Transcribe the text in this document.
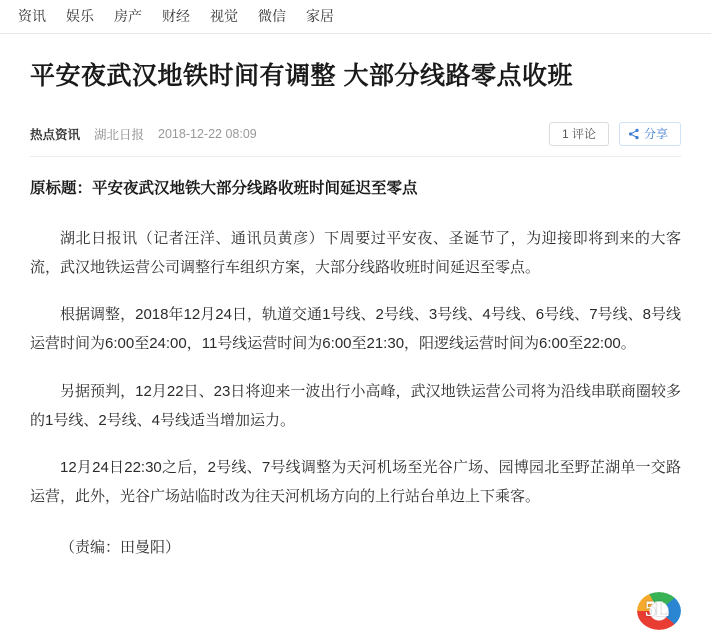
资讯	娱乐	房产	财经	视觉	微信	家居
平安夜武汉地铁时间有调整 大部分线路零点收班
热点资讯 湖北日报 2018-12-22 08:09	1 评论	分享

原标题：平安夜武汉地铁大部分线路收班时间延迟至零点

湖北日报讯（记者汪洋、通讯员黄彦）下周要过平安夜、圣诞节了，为迎接即将到来的大客流，武汉地铁运营公司调整行车组织方案，大部分线路收班时间延迟至零点。

根据调整，2018年12月24日，轨道交通1号线、2号线、3号线、4号线、6号线、7号线、8号线运营时间为6:00至24:00，11号线运营时间为6:00至21:30，阳逻线运营时间为6:00至22:00。

另据预判，12月22日、23日将迎来一波出行小高峰，武汉地铁运营公司将为沿线串联商圈较多的1号线、2号线、4号线适当增加运力。

12月24日22:30之后，2号线、7号线调整为天河机场至光谷广场、园博园北至野芷湖单一交路运营，此外，光谷广场站临时改为往天河机场方向的上行站台单边上下乘客。

（责编：田曼阳）

5L
